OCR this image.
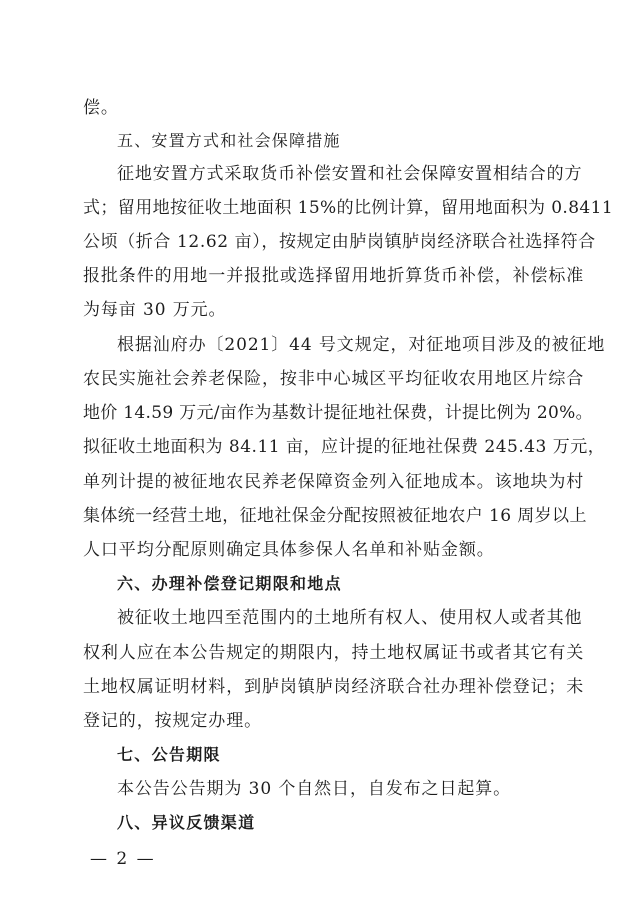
偿。
五、安置方式和社会保障措施
征地安置方式采取货币补偿安置和社会保障安置相结合的方
式；留用地按征收土地面积 15%的比例计算，留用地面积为 0.8411
公顷（折合 12.62 亩），按规定由胪岗镇胪岗经济联合社选择符合
报批条件的用地一并报批或选择留用地折算货币补偿，补偿标准
为每亩 30 万元。
根据汕府办〔2021〕44 号文规定，对征地项目涉及的被征地
农民实施社会养老保险，按非中心城区平均征收农用地区片综合
地价 14.59 万元/亩作为基数计提征地社保费，计提比例为 20%。
拟征收土地面积为 84.11 亩，应计提的征地社保费 245.43 万元，
单列计提的被征地农民养老保障资金列入征地成本。该地块为村
集体统一经营土地，征地社保金分配按照被征地农户 16 周岁以上
人口平均分配原则确定具体参保人名单和补贴金额。
六、办理补偿登记期限和地点
被征收土地四至范围内的土地所有权人、使用权人或者其他
权利人应在本公告规定的期限内，持土地权属证书或者其它有关
土地权属证明材料，到胪岗镇胪岗经济联合社办理补偿登记；未
登记的，按规定办理。
七、公告期限
本公告公告期为 30 个自然日，自发布之日起算。
八、异议反馈渠道
— 2 —
